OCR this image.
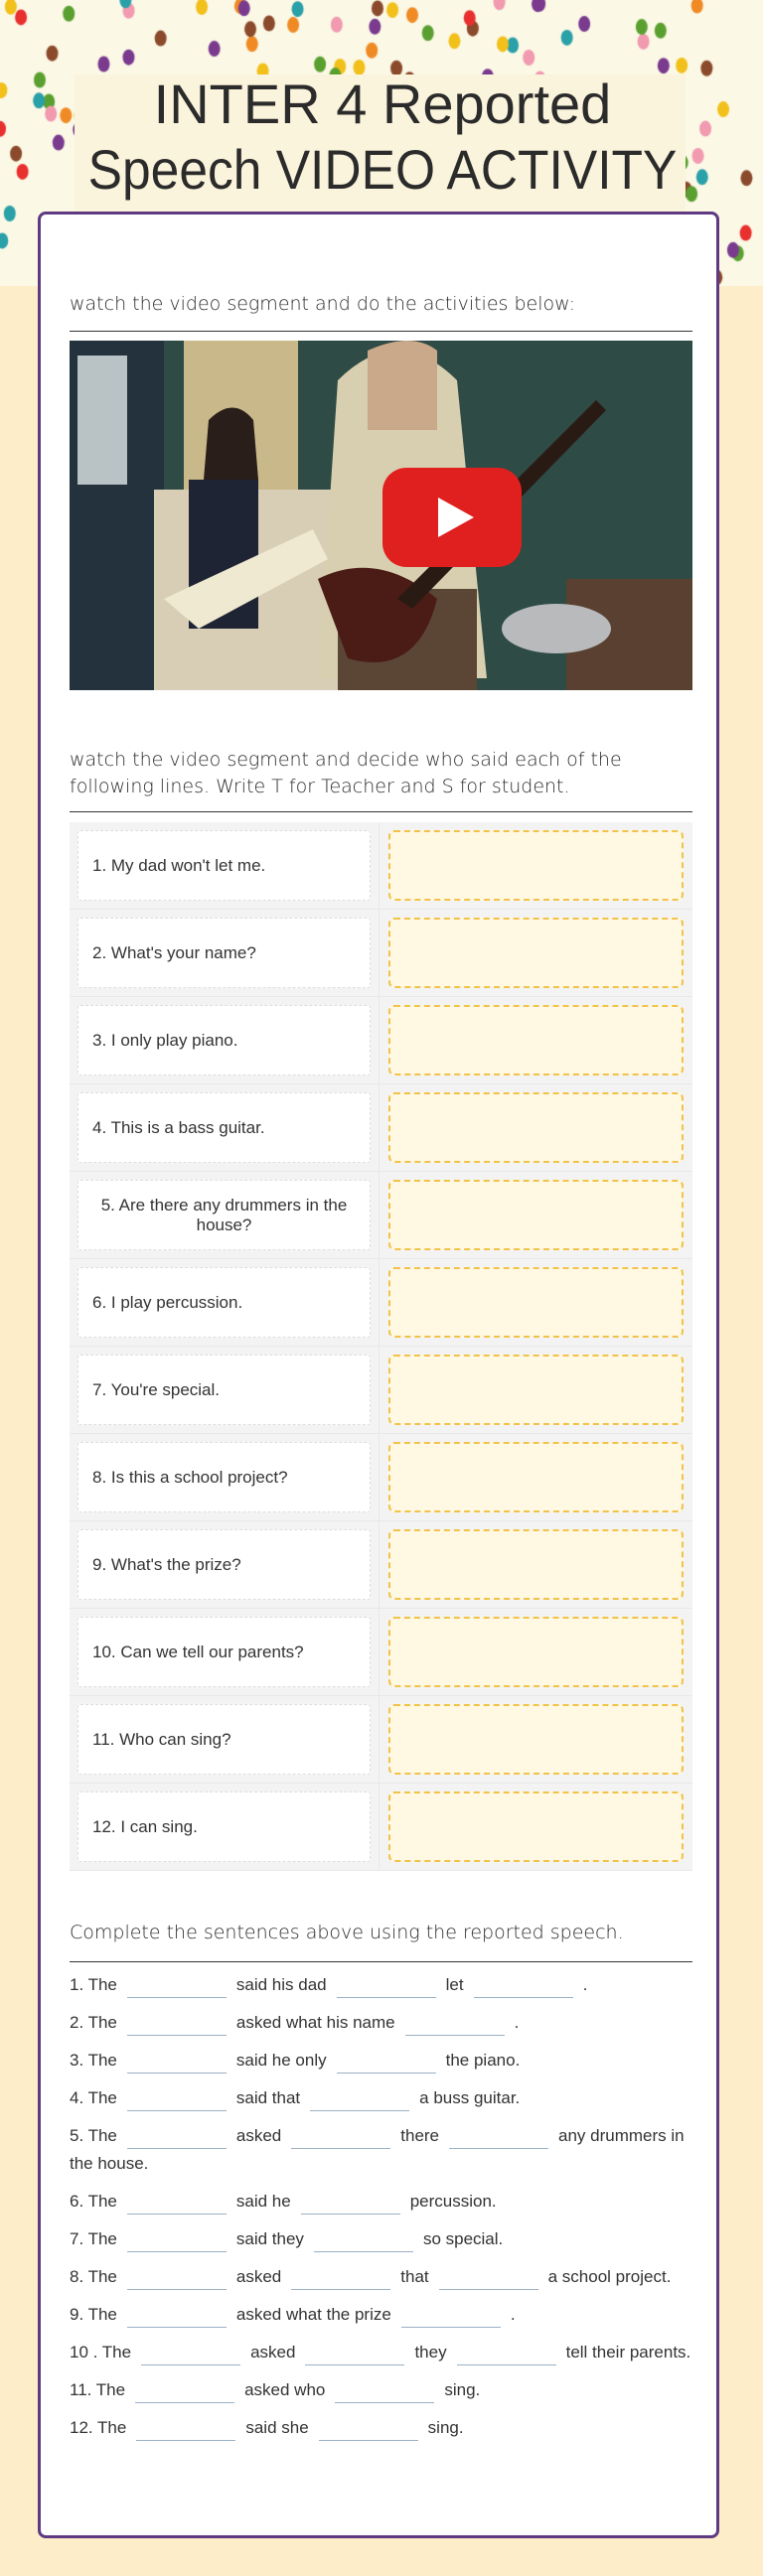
INTER 4 Reported
Speech VIDEO ACTIVITY
watch the video segment and do the activities below:
watch the video segment and decide who said each of the following lines. Write T for Teacher and S for student.
1. My dad won't let me.
2. What's your name?
3. I only play piano.
4. This is a bass guitar.
5. Are there any drummers in the house?
6. I play percussion.
7. You're special.
8. Is this a school project?
9. What's the prize?
10. Can we tell our parents?
11. Who can sing?
12. I can sing.
Complete the sentences above using the reported speech.
1. The	said his dad	let	.
2. The	asked what his name	.
3. The	said he only	the piano.
4. The	said that	a buss guitar.
5. The	asked	there	any drummers in the house.
6. The	said he	percussion.
7. The	said they	so special.
8. The	asked	that	a school project.
9. The	asked what the prize	.
10 . The	asked	they	tell their parents.
11. The	asked who	sing.
12. The	said she	sing.
